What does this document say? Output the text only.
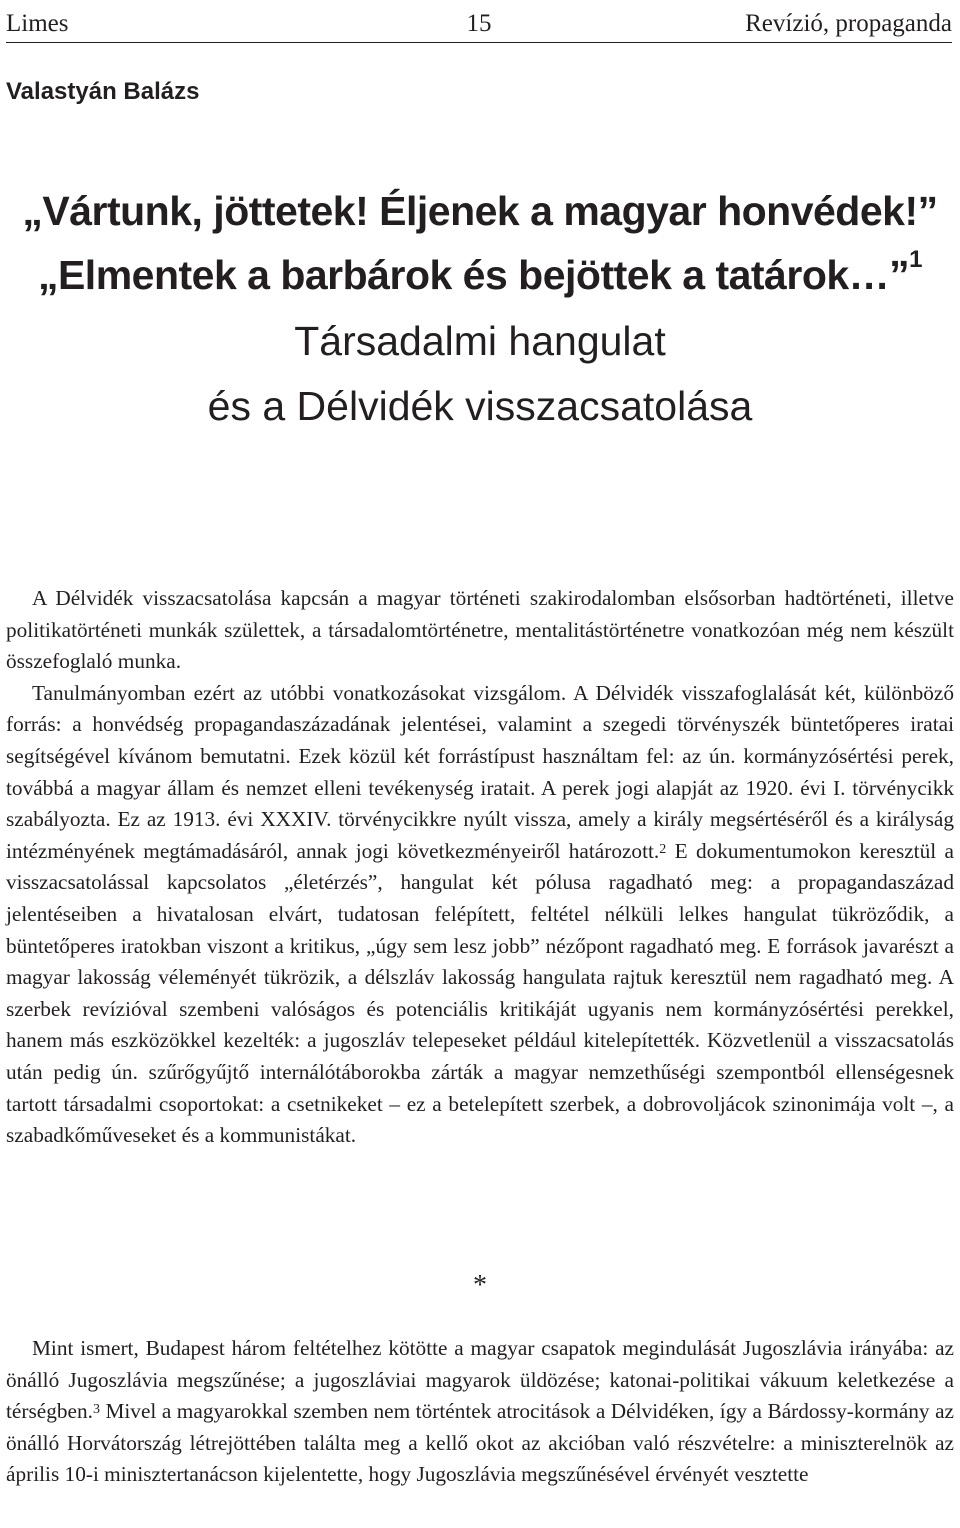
Limes	15	Revízió, propaganda
Valastyán Balázs
„Vártunk, jöttetek! Éljenek a magyar honvédek!”
„Elmentek a barbárok és bejöttek a tatárok…”$^1$
Társadalmi hangulat
és a Délvidék visszacsatolása

A Délvidék visszacsatolása kapcsán a magyar történeti szakirodalomban elsősorban hadtörténeti, illetve politikatörténeti munkák születtek, a társadalomtörténetre, mentalitástörténetre vonatkozóan még nem készült összefoglaló munka.

Tanulmányomban ezért az utóbbi vonatkozásokat vizsgálom. A Délvidék visszafoglalását két, különböző forrás: a honvédség propagandaszázadának jelentései, valamint a szegedi törvényszék büntetőperes iratai segítségével kívánom bemutatni. Ezek közül két forrástípust használtam fel: az ún. kormányzósértési perek, továbbá a magyar állam és nemzet elleni tevékenység iratait. A perek jogi alapját az 1920. évi I. törvénycikk szabályozta. Ez az 1913. évi XXXIV. törvénycikkre nyúlt vissza, amely a király megsértéséről és a királyság intézményének megtámadásáról, annak jogi következményeiről határozott.$^2$ E dokumentumokon keresztül a visszacsatolással kapcsolatos „életérzés”, hangulat két pólusa ragadható meg: a propagandaszázad jelentéseiben a hivatalosan elvárt, tudatosan felépített, feltétel nélküli lelkes hangulat tükröződik, a büntetőperes iratokban viszont a kritikus, „úgy sem lesz jobb” nézőpont ragadható meg. E források javarészt a magyar lakosság véleményét tükrözik, a délszláv lakosság hangulata rajtuk keresztül nem ragadható meg. A szerbek revízióval szembeni valóságos és potenciális kritikáját ugyanis nem kormányzósértési perekkel, hanem más eszközökkel kezelték: a jugoszláv telepeseket például kitelepítették. Közvetlenül a visszacsatolás után pedig ún. szűrőgyűjtő internálótáborokba zárták a magyar nemzethűségi szempontból ellenségesnek tartott társadalmi csoportokat: a csetnikeket – ez a betelepített szerbek, a dobrovoljácok szinonimája volt –, a szabadkőműveseket és a kommunistákat.

*

Mint ismert, Budapest három feltételhez kötötte a magyar csapatok megindulását Jugoszlávia irányába: az önálló Jugoszlávia megszűnése; a jugoszláviai magyarok üldözése; katonai-politikai vákuum keletkezése a térségben.$^3$ Mivel a magyarokkal szemben nem történtek atrocitások a Délvidéken, így a Bárdossy-kormány az önálló Horvátország létrejöttében találta meg a kellő okot az akcióban való részvételre: a miniszterelnök az április 10-i minisztertanácson kijelentette, hogy Jugoszlávia megszűnésével érvényét vesztette
